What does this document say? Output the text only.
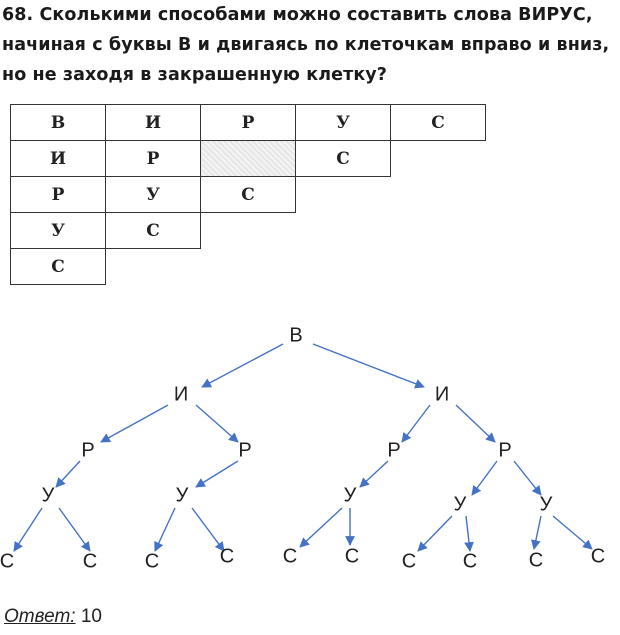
68. Сколькими способами можно составить слова ВИРУС,
начиная с буквы В и двигаясь по клеточкам вправо и вниз,
но не заходя в закрашенную клетку?
В	И	Р	У	С
И	Р		С	
Р	У	С		
У	С			
С				
В
И	И
Р	Р	Р	Р
У	У	У	У	У
С	С С	С С С С С	С С
Ответ: 10
